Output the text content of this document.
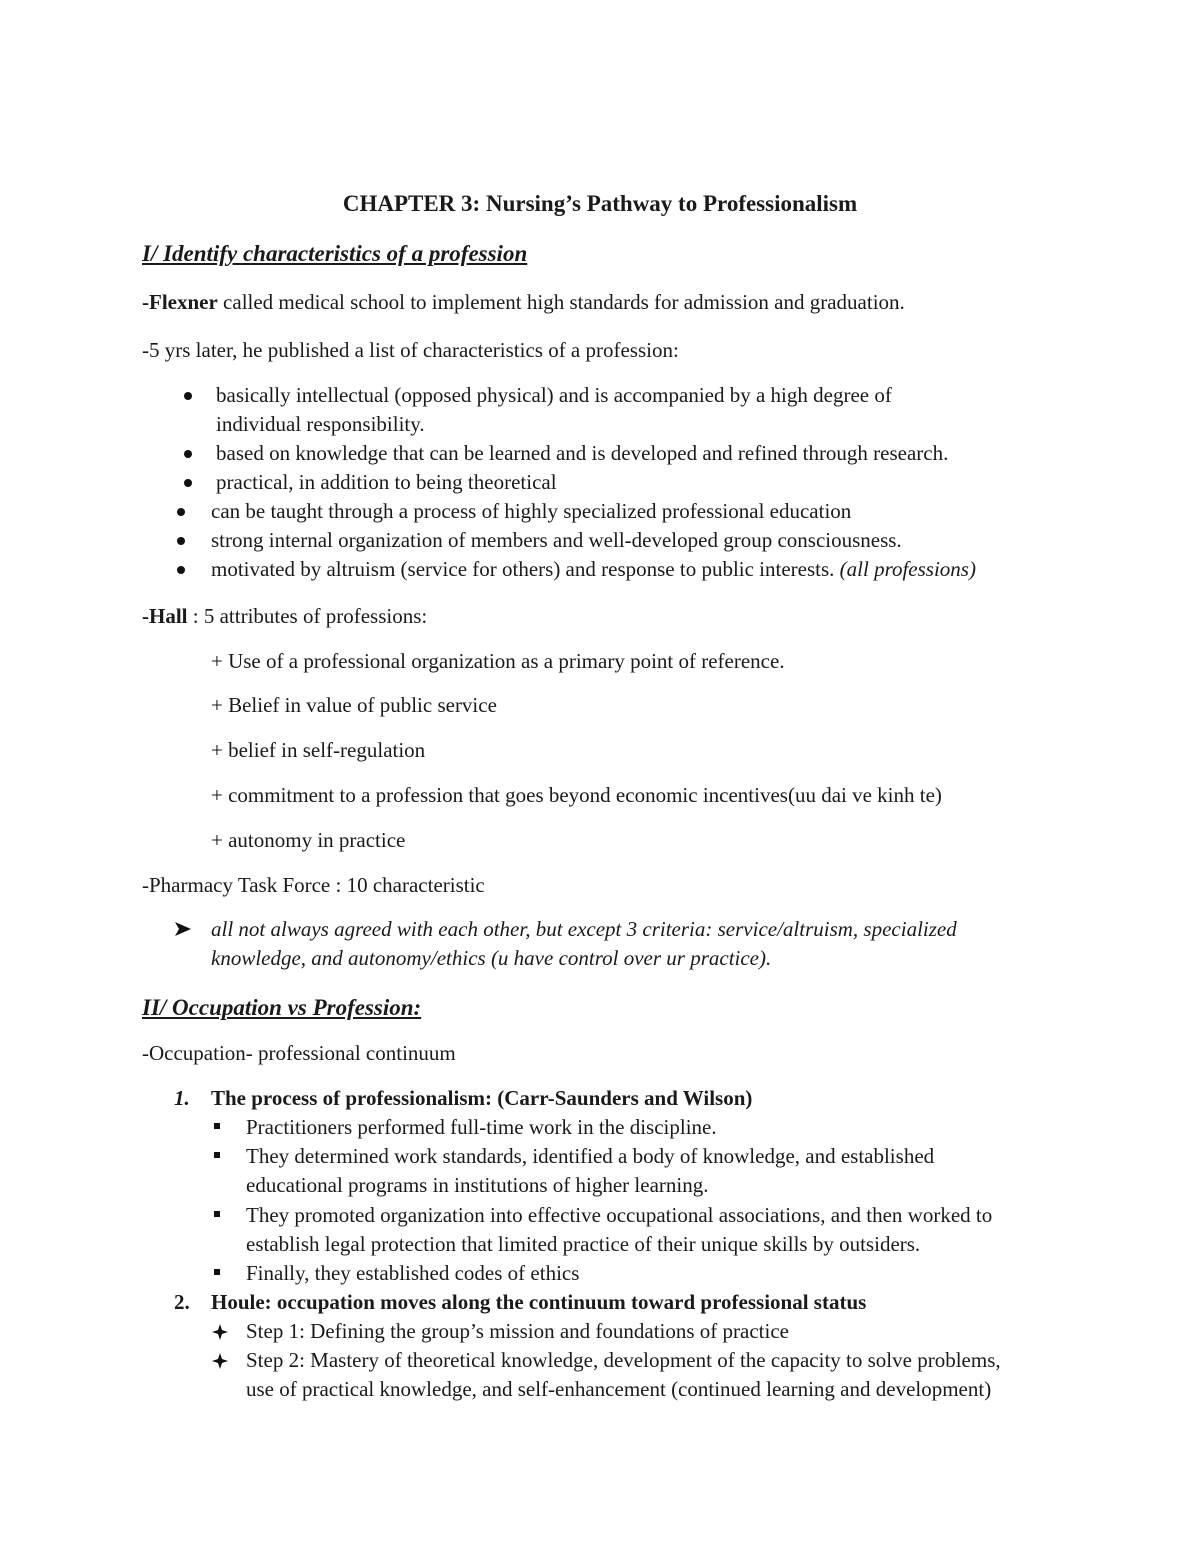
CHAPTER 3: Nursing’s Pathway to Professionalism
I/ Identify characteristics of a profession
-Flexner called medical school to implement high standards for admission and graduation.
-5 yrs later, he published a list of characteristics of a profession:
basically intellectual (opposed physical) and is accompanied by a high degree of
individual responsibility.
based on knowledge that can be learned and is developed and refined through research.
practical, in addition to being theoretical
can be taught through a process of highly specialized professional education
strong internal organization of members and well-developed group consciousness.
motivated by altruism (service for others) and response to public interests. (all professions)
-Hall : 5 attributes of professions:
+ Use of a professional organization as a primary point of reference.
+ Belief in value of public service
+ belief in self-regulation
+ commitment to a profession that goes beyond economic incentives(uu dai ve kinh te)
+ autonomy in practice
-Pharmacy Task Force : 10 characteristic
all not always agreed with each other, but except 3 criteria: service/altruism, specialized
knowledge, and autonomy/ethics (u have control over ur practice).
II/ Occupation vs Profession:
-Occupation- professional continuum
1. The process of professionalism: (Carr-Saunders and Wilson)
Practitioners performed full-time work in the discipline.
They determined work standards, identified a body of knowledge, and established
educational programs in institutions of higher learning.
They promoted organization into effective occupational associations, and then worked to
establish legal protection that limited practice of their unique skills by outsiders.
Finally, they established codes of ethics
2. Houle: occupation moves along the continuum toward professional status
Step 1: Defining the group’s mission and foundations of practice
Step 2: Mastery of theoretical knowledge, development of the capacity to solve problems,
use of practical knowledge, and self-enhancement (continued learning and development)
